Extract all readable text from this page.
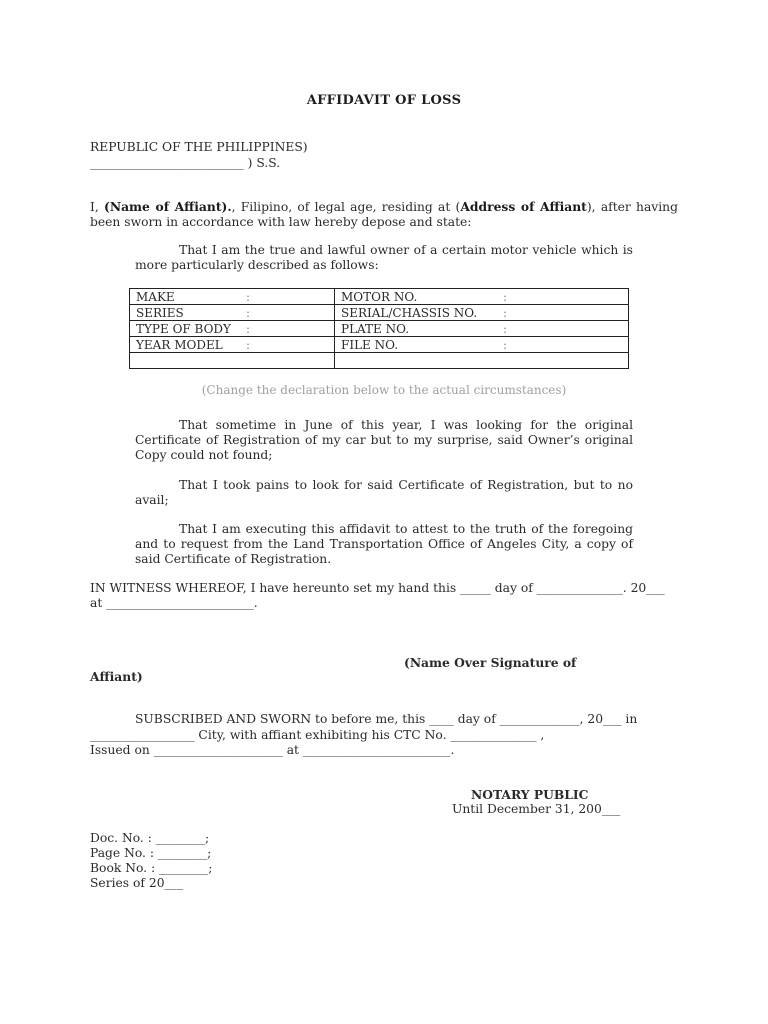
AFFIDAVIT OF LOSS

REPUBLIC OF THE PHILIPPINES)

_________________________ ) S.S.

I, (Name of Affiant)., Filipino, of legal age, residing at (Address of Affiant), after having been sworn in accordance with law hereby depose and state:

That I am the true and lawful owner of a certain motor vehicle which is more particularly described as follows:

MAKE :	MOTOR NO. :
SERIES :	SERIAL/CHASSIS NO. :
TYPE OF BODY :	PLATE NO. :
YEAR MODEL :	FILE NO. :

(Change the declaration below to the actual circumstances)

That sometime in June of this year, I was looking for the original Certificate of Registration of my car but to my surprise, said Owner’s original Copy could not found;

That I took pains to look for said Certificate of Registration, but to no avail;

That I am executing this affidavit to attest to the truth of the foregoing and to request from the Land Transportation Office of Angeles City, a copy of said Certificate of Registration.

IN WITNESS WHEREOF, I have hereunto set my hand this _____ day of ______________. 20___

at ________________________.

(Name Over Signature of

Affiant)

SUBSCRIBED AND SWORN to before me, this ____ day of _____________, 20___ in

_________________ City, with affiant exhibiting his CTC No. ______________ ,

Issued on _____________________ at ________________________.

NOTARY PUBLIC

Until December 31, 200___

Doc. No. : ________;

Page No. : ________;

Book No. : ________;

Series of 20___
